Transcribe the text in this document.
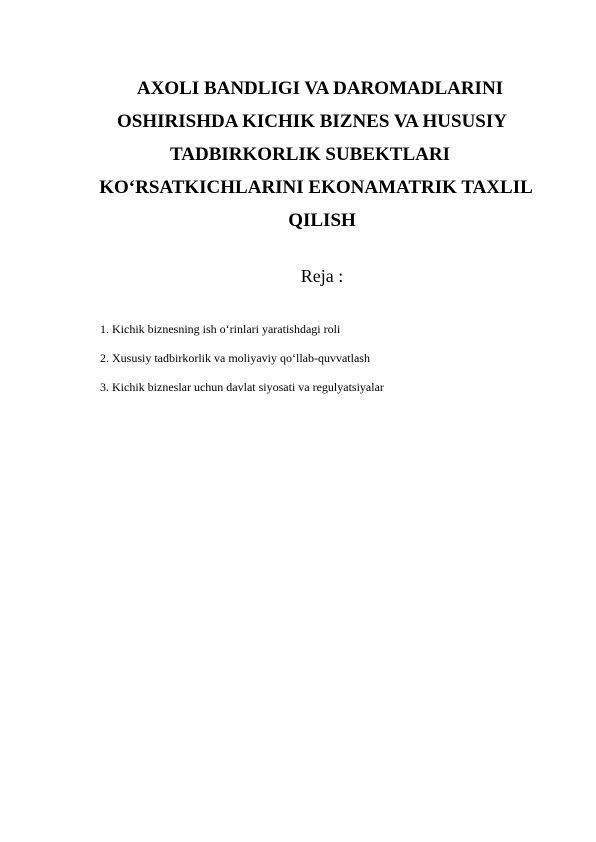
AXOLI BANDLIGI VA DAROMADLARINI
OSHIRISHDA KICHIK BIZNES VA HUSUSIY
TADBIRKORLIK SUBEKTLARI
KO‘RSATKICHLARINI EKONAMATRIK TAXLIL
QILISH
Reja :
1. Kichik biznesning ish o‘rinlari yaratishdagi roli
2. Xususiy tadbirkorlik va moliyaviy qo‘llab-quvvatlash
3. Kichik bizneslar uchun davlat siyosati va regulyatsiyalar
